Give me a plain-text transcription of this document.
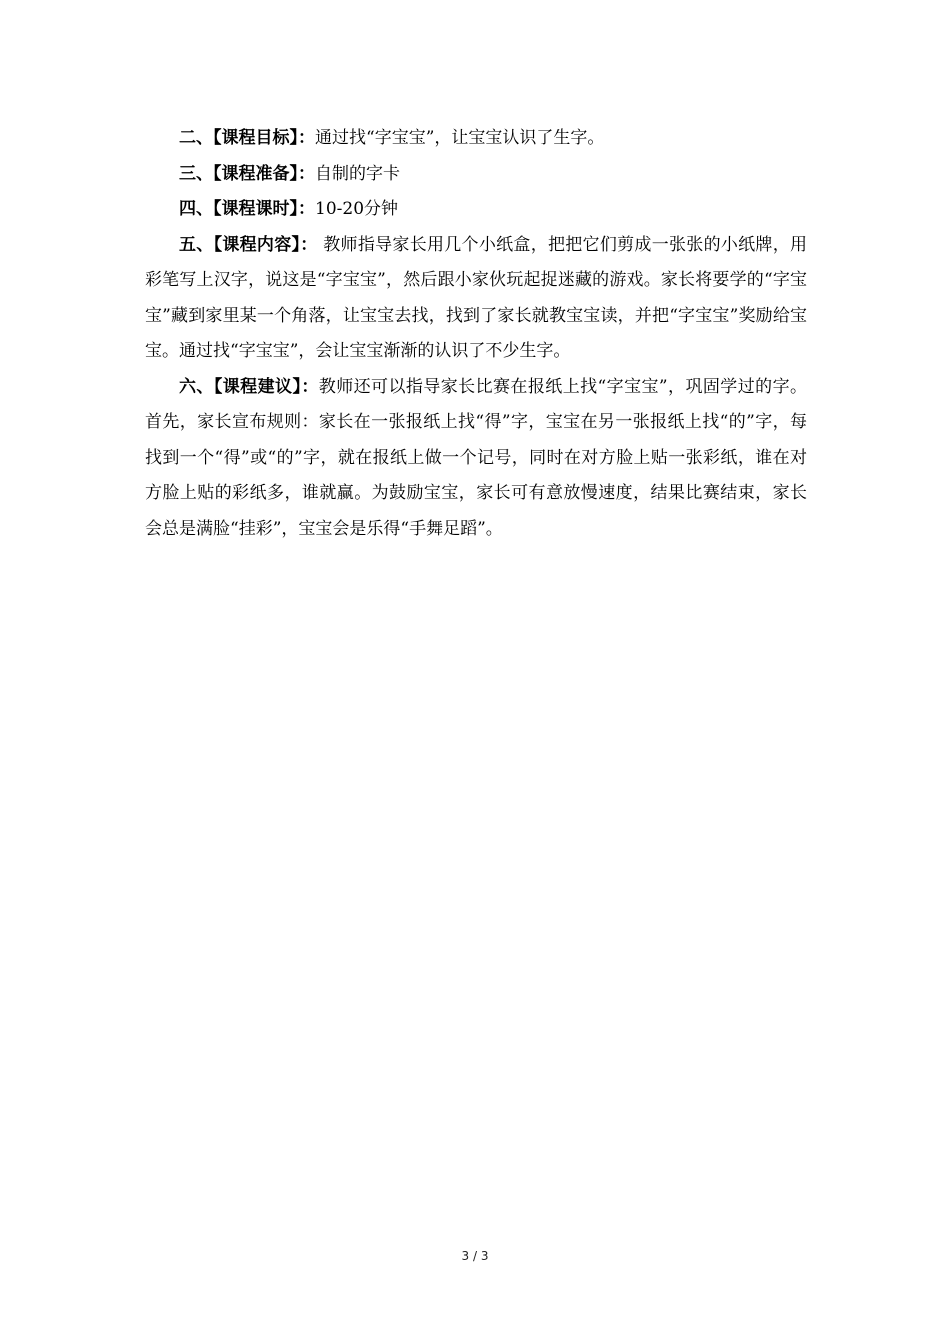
二、【课程目标】：通过找“字宝宝”，让宝宝认识了生字。

三、【课程准备】：自制的字卡

四、【课程课时】：10-20分钟

五、【课程内容】： 教师指导家长用几个小纸盒，把把它们剪成一张张的小纸牌，用彩笔写上汉字，说这是“字宝宝”，然后跟小家伙玩起捉迷藏的游戏。家长将要学的“字宝宝”藏到家里某一个角落，让宝宝去找，找到了家长就教宝宝读，并把“字宝宝”奖励给宝宝。通过找“字宝宝”，会让宝宝渐渐的认识了不少生字。

六、【课程建议】：教师还可以指导家长比赛在报纸上找“字宝宝”，巩固学过的字。首先，家长宣布规则：家长在一张报纸上找“得”字，宝宝在另一张报纸上找“的”字，每找到一个“得”或“的”字，就在报纸上做一个记号，同时在对方脸上贴一张彩纸，谁在对方脸上贴的彩纸多，谁就赢。为鼓励宝宝，家长可有意放慢速度，结果比赛结束，家长会总是满脸“挂彩”，宝宝会是乐得“手舞足蹈”。

3 / 3
